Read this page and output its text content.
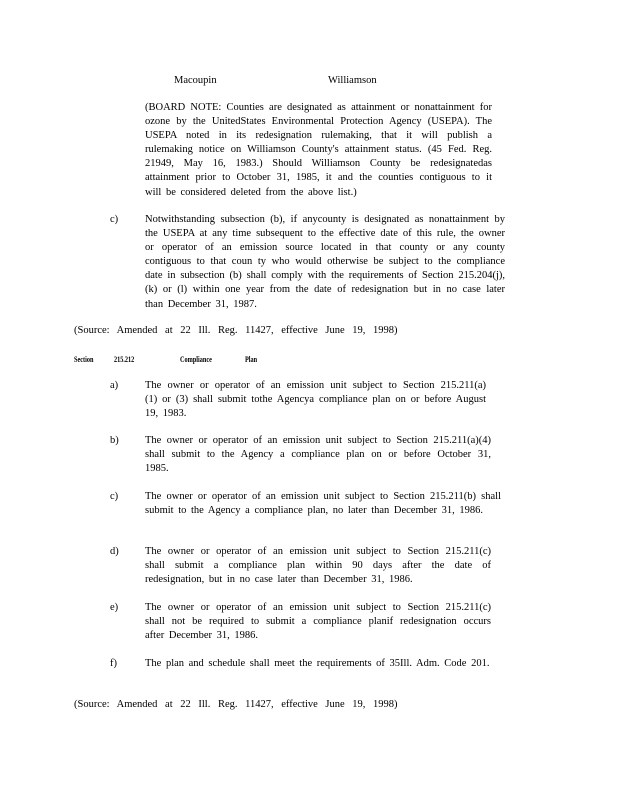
Macoupin	Williamson
(BOARD NOTE: Counties are designated as attainment or nonattainment for ozone by the UnitedStates Environmental Protection Agency (USEPA). The USEPA noted in its redesignation rulemaking, that it will publish a rulemaking notice on Williamson County's attainment status. (45 Fed. Reg. 21949, May 16, 1983.) Should Williamson County be redesignatedas attainment prior to October 31, 1985, it and the counties contiguous to it will be considered deleted from the above list.)
c)	Notwithstanding subsection (b), if anycounty is designated as nonattainment by the USEPA at any time subsequent to the effective date of this rule, the owner or operator of an emission source located in that county or any county contiguous to that coun ty who would otherwise be subject to the compliance date in subsection (b) shall comply with the requirements of Section 215.204(j), (k) or (l) within one year from the date of redesignation but in no case later than December 31, 1987.
(Source: Amended at 22 Ill. Reg. 11427, effective June 19, 1998)
Section	215.212	Compliance	Plan
a)	The owner or operator of an emission unit subject to Section 215.211(a) (1) or (3) shall submit tothe Agencya compliance plan on or before August 19, 1983.
b)	The owner or operator of an emission unit subject to Section 215.211(a)(4) shall submit to the Agency a compliance plan on or before October 31, 1985.
c)	The owner or operator of an emission unit subject to Section 215.211(b) shall submit to the Agency a compliance plan, no later than December 31, 1986.
d)	The owner or operator of an emission unit subject to Section 215.211(c) shall submit a compliance plan within 90 days after the date of redesignation, but in no case later than December 31, 1986.
e)	The owner or operator of an emission unit subject to Section 215.211(c) shall not be required to submit a compliance planif redesignation occurs after December 31, 1986.
f)	The plan and schedule shall meet the requirements of 35Ill. Adm. Code 201.
(Source: Amended at 22 Ill. Reg. 11427, effective June 19, 1998)
